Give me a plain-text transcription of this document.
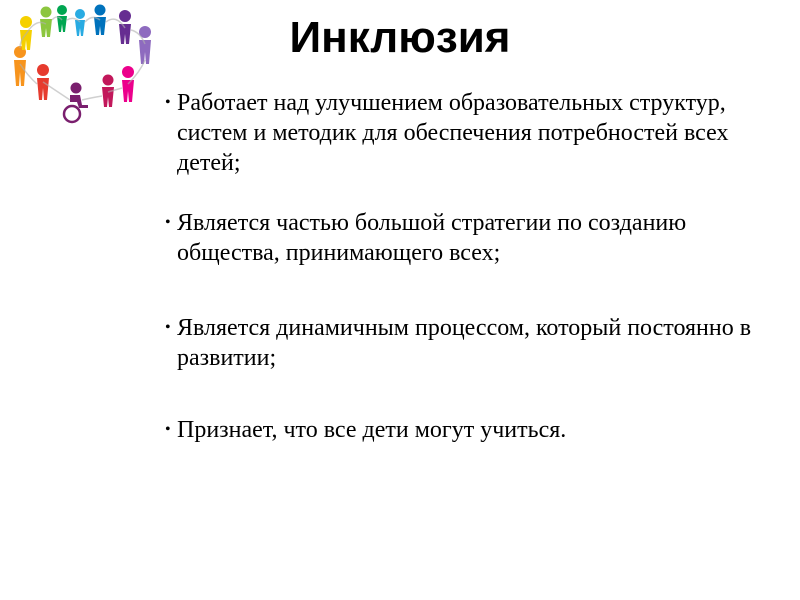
Инклюзия
• Работает над улучшением образовательных структур, систем и методик для обеспечения потребностей всех детей;
• Является частью большой стратегии по созданию общества, принимающего всех;
• Является динамичным процессом, который постоянно в развитии;
• Признает, что все дети могут учиться.
